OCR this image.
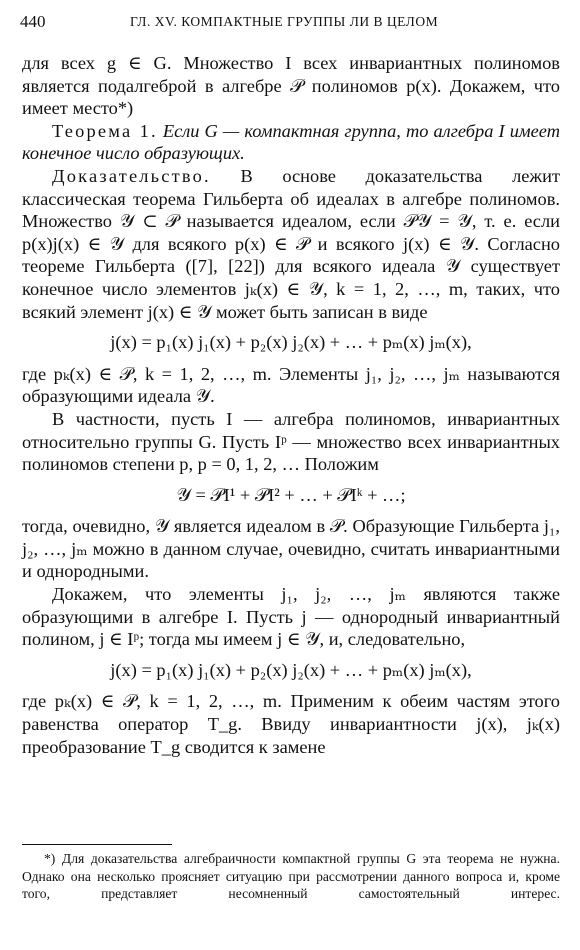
440	ГЛ. XV. КОМПАКТНЫЕ ГРУППЫ ЛИ В ЦЕЛОМ

для всех g ∈ G. Множество I всех инвариантных полиномов является подалгеброй в алгебре 𝒫 полиномов p(x). Докажем, что имеет место*)

Теорема 1. Если G — компактная группа, то алгебра I имеет конечное число образующих.

Доказательство. В основе доказательства лежит классическая теорема Гильберта об идеалах в алгебре полиномов. Множество 𝒴 ⊂ 𝒫 называется идеалом, если 𝒫𝒴 = 𝒴, т. е. если p(x)j(x) ∈ 𝒴 для всякого p(x) ∈ 𝒫 и всякого j(x) ∈ 𝒴. Согласно теореме Гильберта ([7], [22]) для всякого идеала 𝒴 существует конечное число элементов jₖ(x) ∈ 𝒴, k = 1, 2, …, m, таких, что всякий элемент j(x) ∈ 𝒴 может быть записан в виде

j(x) = p₁(x) j₁(x) + p₂(x) j₂(x) + … + pₘ(x) jₘ(x),

где pₖ(x) ∈ 𝒫, k = 1, 2, …, m. Элементы j₁, j₂, …, jₘ называются образующими идеала 𝒴.

В частности, пусть I — алгебра полиномов, инвариантных относительно группы G. Пусть Iᵖ — множество всех инвариантных полиномов степени p, p = 0, 1, 2, … Положим

𝒴 = 𝒫I¹ + 𝒫I² + … + 𝒫Iᵏ + …;

тогда, очевидно, 𝒴 является идеалом в 𝒫. Образующие Гильберта j₁, j₂, …, jₘ можно в данном случае, очевидно, считать инвариантными и однородными.

Докажем, что элементы j₁, j₂, …, jₘ являются также образующими в алгебре I. Пусть j — однородный инвариантный полином, j ∈ Iᵖ; тогда мы имеем j ∈ 𝒴, и, следовательно,

j(x) = p₁(x) j₁(x) + p₂(x) j₂(x) + … + pₘ(x) jₘ(x),

где pₖ(x) ∈ 𝒫, k = 1, 2, …, m. Применим к обеим частям этого равенства оператор T_g. Ввиду инвариантности j(x), jₖ(x) преобразование T_g сводится к замене

*) Для доказательства алгебраичности компактной группы G эта теорема не нужна. Однако она несколько проясняет ситуацию при рассмотрении данного вопроса и, кроме того, представляет несомненный самостоятельный интерес.
